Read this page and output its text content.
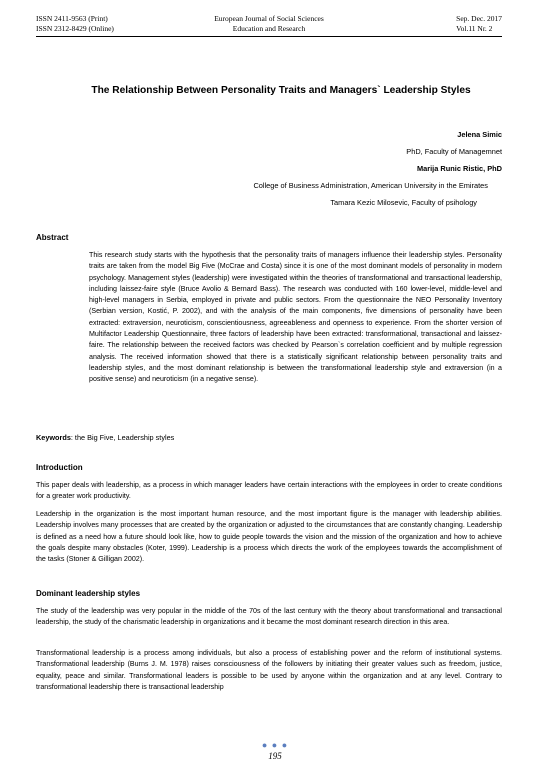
ISSN 2411-9563 (Print)
ISSN 2312-8429 (Online)
European Journal of Social Sciences
Education and Research
Sep. Dec. 2017
Vol.11 Nr. 2
The Relationship Between Personality Traits and Managers` Leadership Styles
Jelena Simic
PhD, Faculty of Managemnet
Marija Runic Ristic, PhD
College of Business Administration, American University in the Emirates
Tamara Kezic Milosevic, Faculty of psihology
Abstract
This research study starts with the hypothesis that the personality traits of managers influence their leadership styles. Personality traits are taken from the model Big Five (McCrae and Costa) since it is one of the most dominant models of personality in modern psychology. Management styles (leadership) were investigated within the theories of transformational and transactional leadership, including laissez-faire style (Bruce Avolio & Bernard Bass). The research was conducted with 160 lower-level, middle-level and high-level managers in Serbia, employed in private and public sectors. From the questionnaire the NEO Personality Inventory (Serbian version, Kostić, P. 2002), and with the analysis of the main components, five dimensions of personality have been extracted: extraversion, neuroticism, conscientiousness, agreeableness and openness to experience. From the shorter version of Multifactor Leadership Questionnaire, three factors of leadership have been extracted: transformational, transactional and laissez-faire. The relationship between the received factors was checked by Pearson`s correlation coefficient and by multiple regression analysis. The received information showed that there is a statistically significant relationship between personality traits and leadership styles, and the most dominant relationship is between the transformational leadership style and extraversion (in a positive sense) and neuroticism (in a negative sense).
Keywords: the Big Five, Leadership styles
Introduction
This paper deals with leadership, as a process in which manager leaders have certain interactions with the employees in order to create conditions for a greater work productivity.
Leadership in the organization is the most important human resource, and the most important figure is the manager with leadership abilities. Leadership involves many processes that are created by the organization or adjusted to the circumstances that are constantly changing. Leadership is defined as a need how a future should look like, how to guide people towards the vision and the mission of the organization and how to achieve the goals despite many obstacles (Koter, 1999). Leadership is a process which directs the work of the employees towards the accomplishment of the tasks (Stoner & Gilligan 2002).
Dominant leadership styles
The study of the leadership was very popular in the middle of the 70s of the last century with the theory about transformational and transactional leadership, the study of the charismatic leadership in organizations and it became the most dominant research direction in this area.
Transformational leadership is a process among individuals, but also a process of establishing power and the reform of institutional systems. Transformational leadership (Burns J. M. 1978) raises consciousness of the followers by initiating their greater values such as freedom, justice, equality, peace and similar. Transformational leaders is possible to be used by anyone within the organization and at any level. Contrary to transformational leadership there is transactional leadership
● ● ●
195
